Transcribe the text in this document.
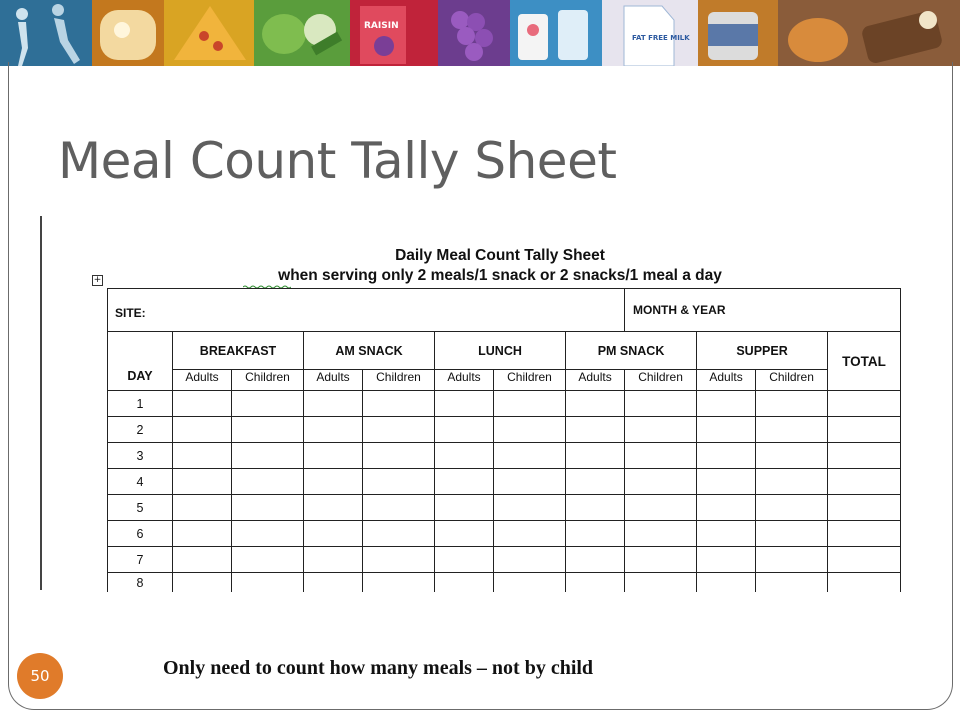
RAISIN
FAT FREE MILK
Meal Count Tally Sheet
Daily Meal Count Tally Sheet
when serving only 2 meals/1 snack or 2 snacks/1 meal a day
+
SITE:								MONTH & YEAR			
DAY	BREAKFAST		AM SNACK		LUNCH		PM SNACK		SUPPER		TOTAL
	Adults	Children	Adults	Children	Adults	Children	Adults	Children	Adults	Children	
1											
2											
3											
4											
5											
6											
7											
8											
50	Only need to count how many meals – not by child
